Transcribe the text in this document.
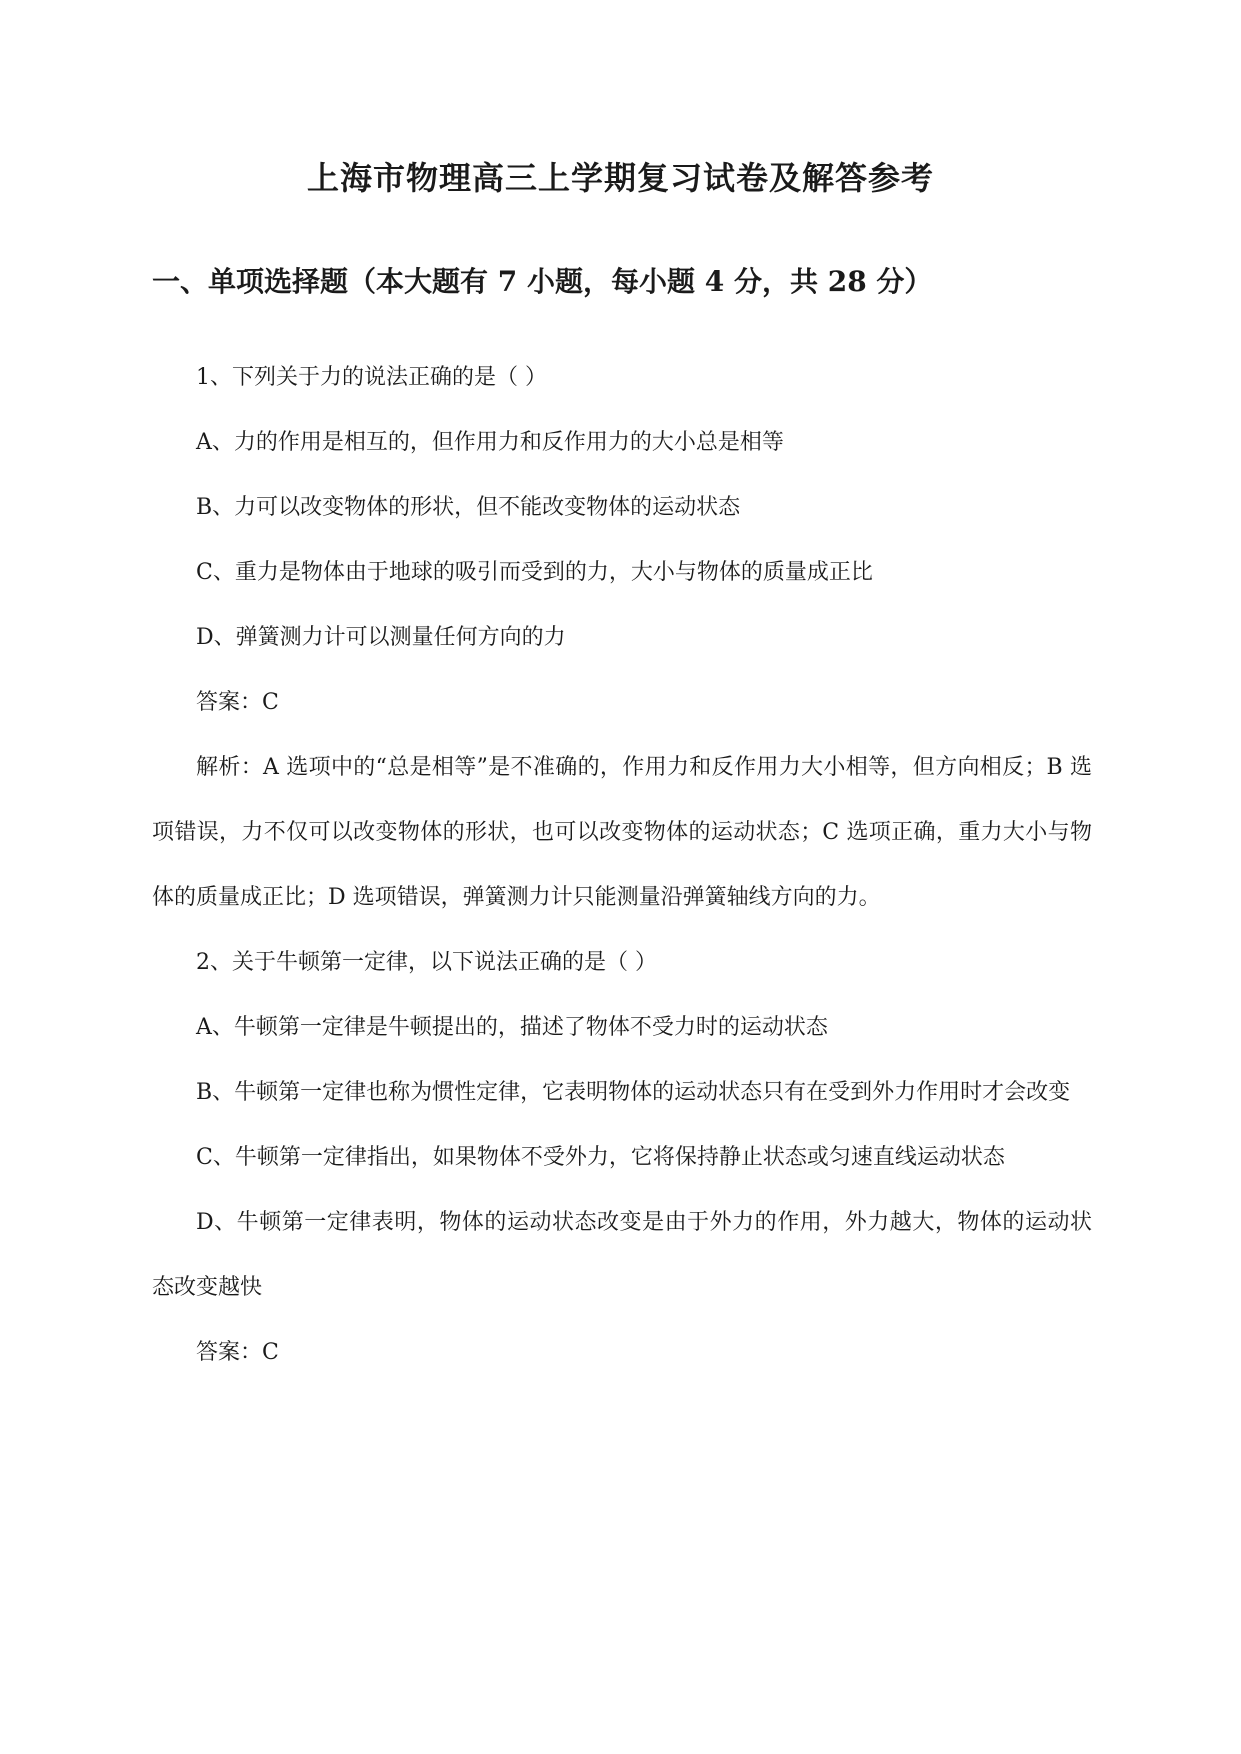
上海市物理高三上学期复习试卷及解答参考
一、单项选择题（本大题有 7 小题，每小题 4 分，共 28 分）

1、下列关于力的说法正确的是（ ）

A、力的作用是相互的，但作用力和反作用力的大小总是相等

B、力可以改变物体的形状，但不能改变物体的运动状态

C、重力是物体由于地球的吸引而受到的力，大小与物体的质量成正比

D、弹簧测力计可以测量任何方向的力

答案：C

解析：A 选项中的“总是相等”是不准确的，作用力和反作用力大小相等，但方向相反；B 选项错误，力不仅可以改变物体的形状，也可以改变物体的运动状态；C 选项正确，重力大小与物体的质量成正比；D 选项错误，弹簧测力计只能测量沿弹簧轴线方向的力。

2、关于牛顿第一定律，以下说法正确的是（ ）

A、牛顿第一定律是牛顿提出的，描述了物体不受力时的运动状态

B、牛顿第一定律也称为惯性定律，它表明物体的运动状态只有在受到外力作用时才会改变

C、牛顿第一定律指出，如果物体不受外力，它将保持静止状态或匀速直线运动状态

D、牛顿第一定律表明，物体的运动状态改变是由于外力的作用，外力越大，物体的运动状态改变越快

答案：C
